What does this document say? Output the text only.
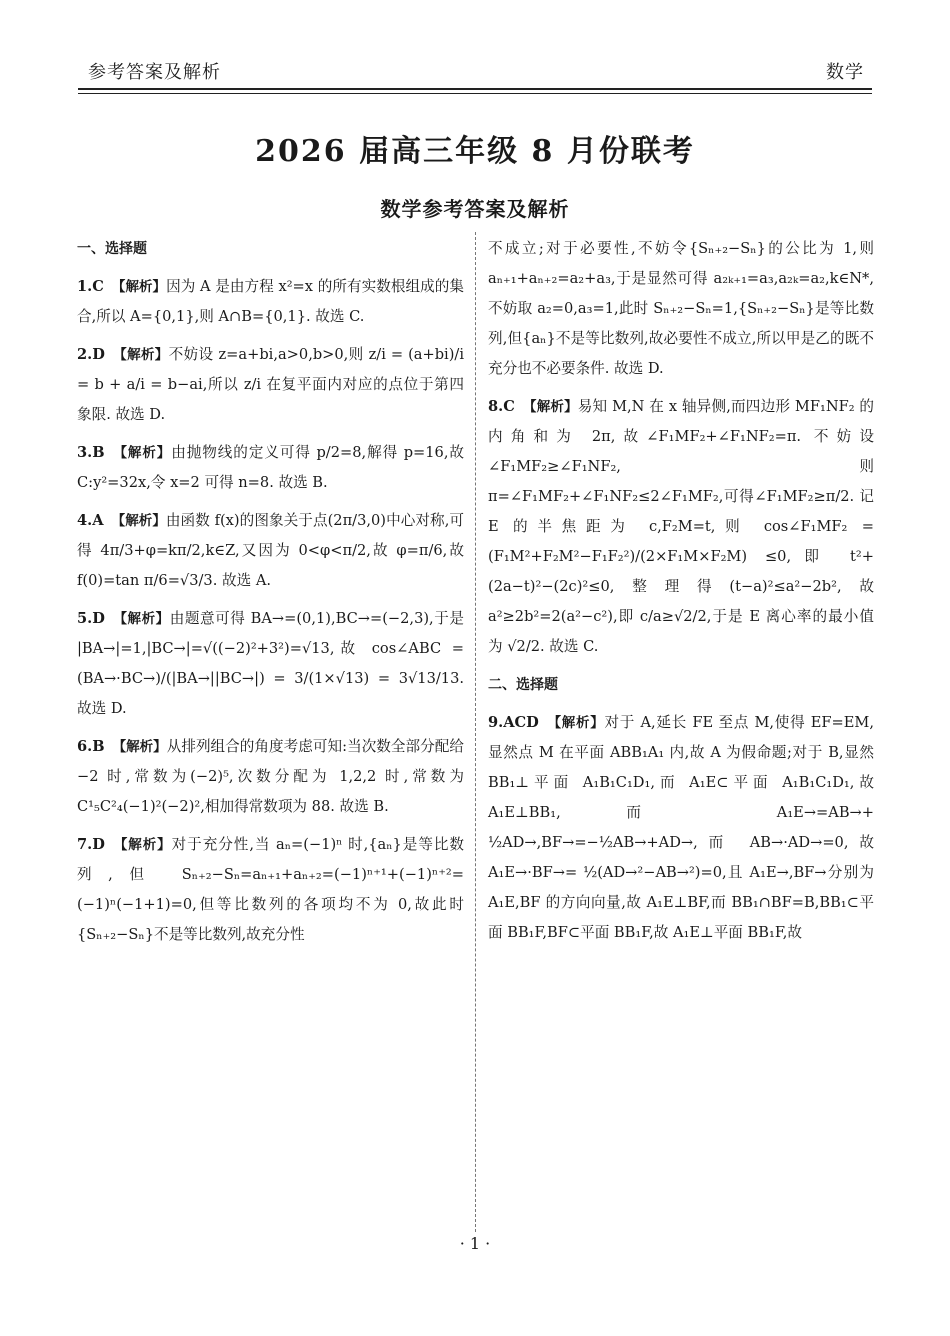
参考答案及解析	数学
2026 届高三年级 8 月份联考
数学参考答案及解析
一、选择题
1.C 【解析】因为 A 是由方程 x²=x 的所有实数根组成的集合,所以 A={0,1},则 A∩B={0,1}. 故选 C.
2.D 【解析】不妨设 z=a+bi,a>0,b>0,则 z/i = (a+bi)/i = b + a/i = b−ai,所以 z/i 在复平面内对应的点位于第四象限. 故选 D.
3.B 【解析】由抛物线的定义可得 p/2=8,解得 p=16,故 C:y²=32x,令 x=2 可得 n=8. 故选 B.
4.A 【解析】由函数 f(x)的图象关于点(2π/3,0)中心对称,可得 4π/3+φ=kπ/2,k∈Z,又因为 0<φ<π/2,故 φ=π/6,故 f(0)=tan π/6=√3/3. 故选 A.
5.D 【解析】由题意可得 BA→=(0,1),BC→=(−2,3),于是 |BA→|=1,|BC→|=√((−2)²+3²)=√13,故 cos∠ABC = (BA→·BC→)/(|BA→||BC→|) = 3/(1×√13) = 3√13/13. 故选 D.
6.B 【解析】从排列组合的角度考虑可知:当次数全部分配给−2 时,常数为(−2)⁵,次数分配为 1,2,2 时,常数为 C¹₅C²₄(−1)²(−2)²,相加得常数项为 88. 故选 B.
7.D 【解析】对于充分性,当 aₙ=(−1)ⁿ 时,{aₙ}是等比数列,但 Sₙ₊₂−Sₙ=aₙ₊₁+aₙ₊₂=(−1)ⁿ⁺¹+(−1)ⁿ⁺²=(−1)ⁿ(−1+1)=0,但等比数列的各项均不为 0,故此时{Sₙ₊₂−Sₙ}不是等比数列,故充分性
不成立;对于必要性,不妨令{Sₙ₊₂−Sₙ}的公比为 1,则 aₙ₊₁+aₙ₊₂=a₂+a₃,于是显然可得 a₂ₖ₊₁=a₃,a₂ₖ=a₂,k∈N*,不妨取 a₂=0,a₃=1,此时 Sₙ₊₂−Sₙ=1,{Sₙ₊₂−Sₙ}是等比数列,但{aₙ}不是等比数列,故必要性不成立,所以甲是乙的既不充分也不必要条件. 故选 D.
8.C 【解析】易知 M,N 在 x 轴异侧,而四边形 MF₁NF₂ 的内角和为 2π,故∠F₁MF₂+∠F₁NF₂=π. 不妨设∠F₁MF₂≥∠F₁NF₂,则 π=∠F₁MF₂+∠F₁NF₂≤2∠F₁MF₂,可得∠F₁MF₂≥π/2. 记 E 的半焦距为 c,F₂M=t,则 cos∠F₁MF₂ = (F₁M²+F₂M²−F₁F₂²)/(2×F₁M×F₂M) ≤0,即 t²+(2a−t)²−(2c)²≤0,整理得(t−a)²≤a²−2b²,故 a²≥2b²=2(a²−c²),即 c/a≥√2/2,于是 E 离心率的最小值为 √2/2. 故选 C.
二、选择题
9.ACD 【解析】对于 A,延长 FE 至点 M,使得 EF=EM,显然点 M 在平面 ABB₁A₁ 内,故 A 为假命题;对于 B,显然 BB₁⊥平面 A₁B₁C₁D₁,而 A₁E⊂平面 A₁B₁C₁D₁,故 A₁E⊥BB₁,而 A₁E→=AB→+ ½AD→,BF→=−½AB→+AD→,而 AB→·AD→=0,故 A₁E→·BF→= ½(AD→²−AB→²)=0,且 A₁E→,BF→分别为 A₁E,BF 的方向向量,故 A₁E⊥BF,而 BB₁∩BF=B,BB₁⊂平面 BB₁F,BF⊂平面 BB₁F,故 A₁E⊥平面 BB₁F,故
· 1 ·
